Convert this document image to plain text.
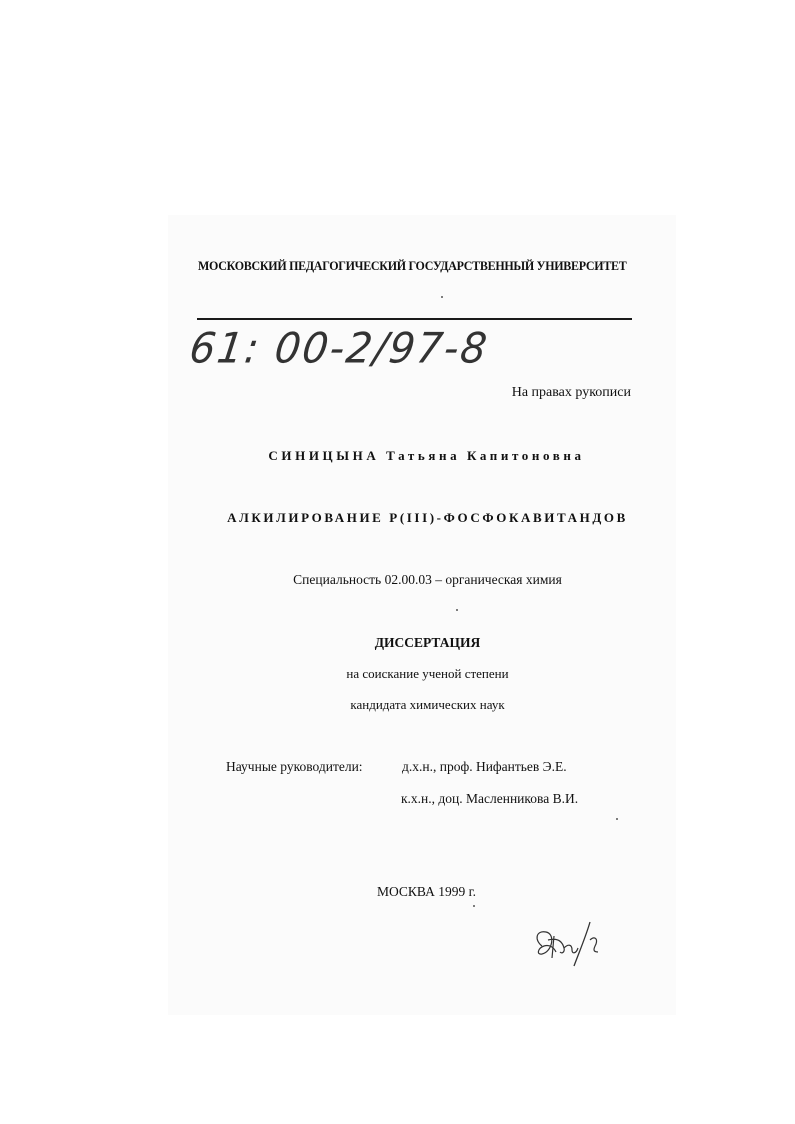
МОСКОВСКИЙ ПЕДАГОГИЧЕСКИЙ ГОСУДАРСТВЕННЫЙ УНИВЕРСИТЕТ
61: 00-2/97-8
На правах рукописи
СИНИЦЫНА Татьяна Капитоновна
АЛКИЛИРОВАНИЕ Р(III)-ФОСФОКАВИТАНДОВ
Специальность 02.00.03 – органическая химия
ДИССЕРТАЦИЯ
на соискание ученой степени
кандидата химических наук
Научные руководители:	д.х.н., проф. Нифантьев Э.Е.
к.х.н., доц. Масленникова В.И.
МОСКВА 1999 г.
